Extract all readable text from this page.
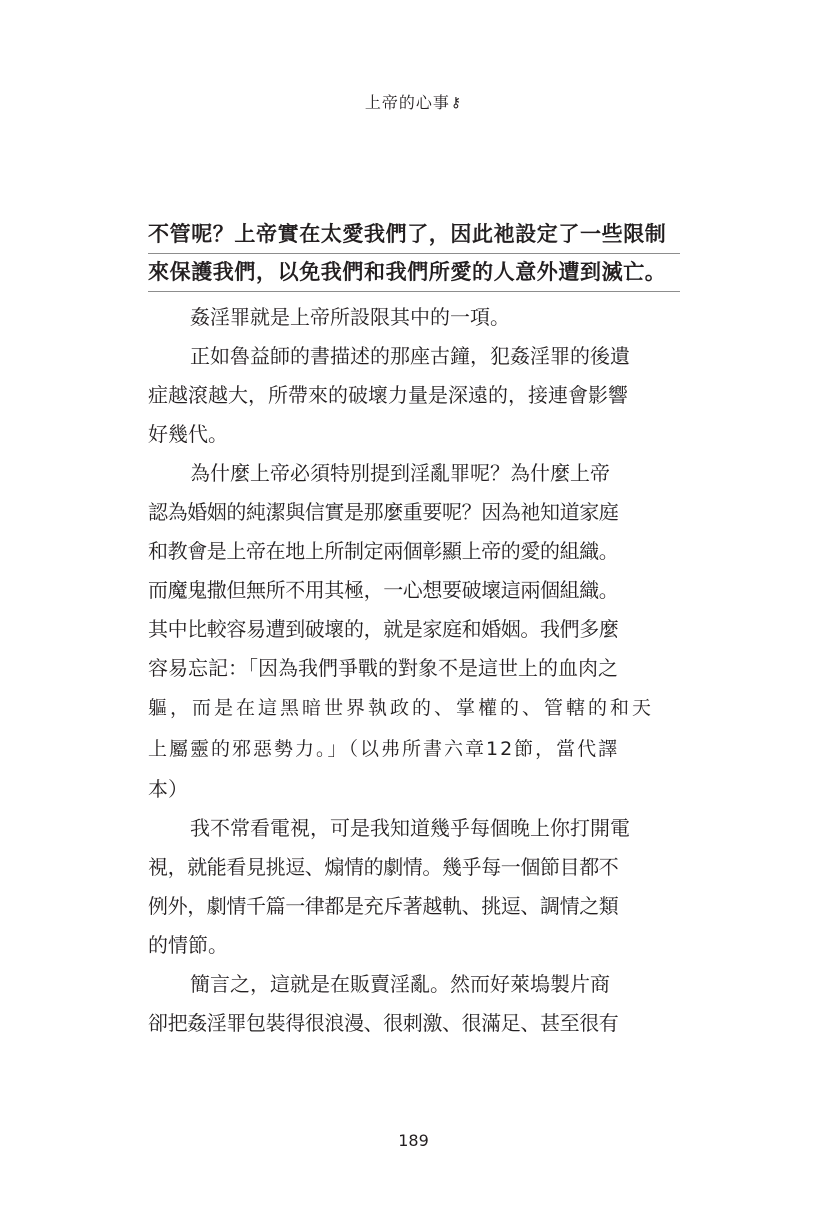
上帝的心事⚷
不管呢？上帝實在太愛我們了，因此祂設定了一些限制
來保護我們，以免我們和我們所愛的人意外遭到滅亡。
姦淫罪就是上帝所設限其中的一項。
正如魯益師的書描述的那座古鐘，犯姦淫罪的後遺
症越滾越大，所帶來的破壞力量是深遠的，接連會影響
好幾代。
為什麼上帝必須特別提到淫亂罪呢？為什麼上帝
認為婚姻的純潔與信實是那麼重要呢？因為祂知道家庭
和教會是上帝在地上所制定兩個彰顯上帝的愛的組織。
而魔鬼撒但無所不用其極，一心想要破壞這兩個組織。
其中比較容易遭到破壞的，就是家庭和婚姻。我們多麼
容易忘記：「因為我們爭戰的對象不是這世上的血肉之
軀，而是在這黑暗世界執政的、掌權的、管轄的和天
上屬靈的邪惡勢力。」（以弗所書六章12節，當代譯
本）
我不常看電視，可是我知道幾乎每個晚上你打開電
視，就能看見挑逗、煽情的劇情。幾乎每一個節目都不
例外，劇情千篇一律都是充斥著越軌、挑逗、調情之類
的情節。
簡言之，這就是在販賣淫亂。然而好萊塢製片商
卻把姦淫罪包裝得很浪漫、很刺激、很滿足、甚至很有
189
